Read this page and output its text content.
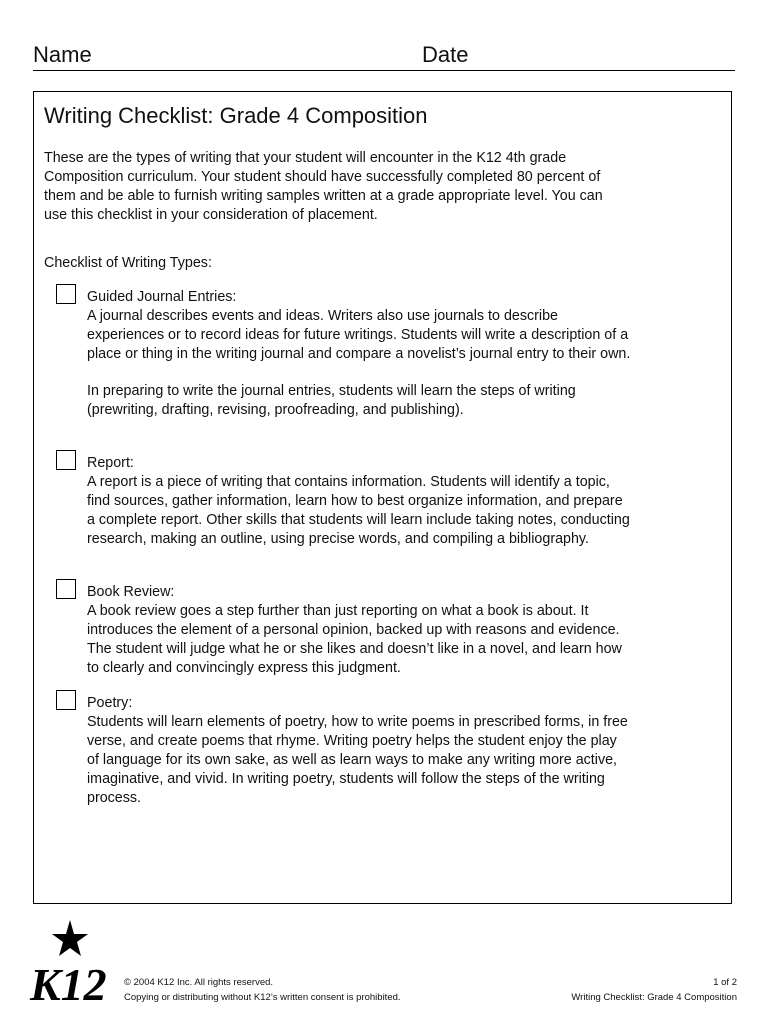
Name	Date
Writing Checklist: Grade 4 Composition

These are the types of writing that your student will encounter in the K12 4th grade Composition curriculum. Your student should have successfully completed 80 percent of them and be able to furnish writing samples written at a grade appropriate level. You can use this checklist in your consideration of placement.

Checklist of Writing Types:
Guided Journal Entries:

A journal describes events and ideas. Writers also use journals to describe experiences or to record ideas for future writings. Students will write a description of a place or thing in the writing journal and compare a novelist’s journal entry to their own.

In preparing to write the journal entries, students will learn the steps of writing (prewriting, drafting, revising, proofreading, and publishing).

Report:

A report is a piece of writing that contains information. Students will identify a topic, find sources, gather information, learn how to best organize information, and prepare a complete report. Other skills that students will learn include taking notes, conducting research, making an outline, using precise words, and compiling a bibliography.

Book Review:

A book review goes a step further than just reporting on what a book is about. It introduces the element of a personal opinion, backed up with reasons and evidence. The student will judge what he or she likes and doesn’t like in a novel, and learn how to clearly and convincingly express this judgment.

Poetry:

Students will learn elements of poetry, how to write poems in prescribed forms, in free verse, and create poems that rhyme. Writing poetry helps the student enjoy the play of language for its own sake, as well as learn ways to make any writing more active, imaginative, and vivid. In writing poetry, students will follow the steps of the writing process.

K12 © 2004 K12 Inc. All rights reserved.
Copying or distributing without K12’s written consent is prohibited.
1 of 2
Writing Checklist: Grade 4 Composition
